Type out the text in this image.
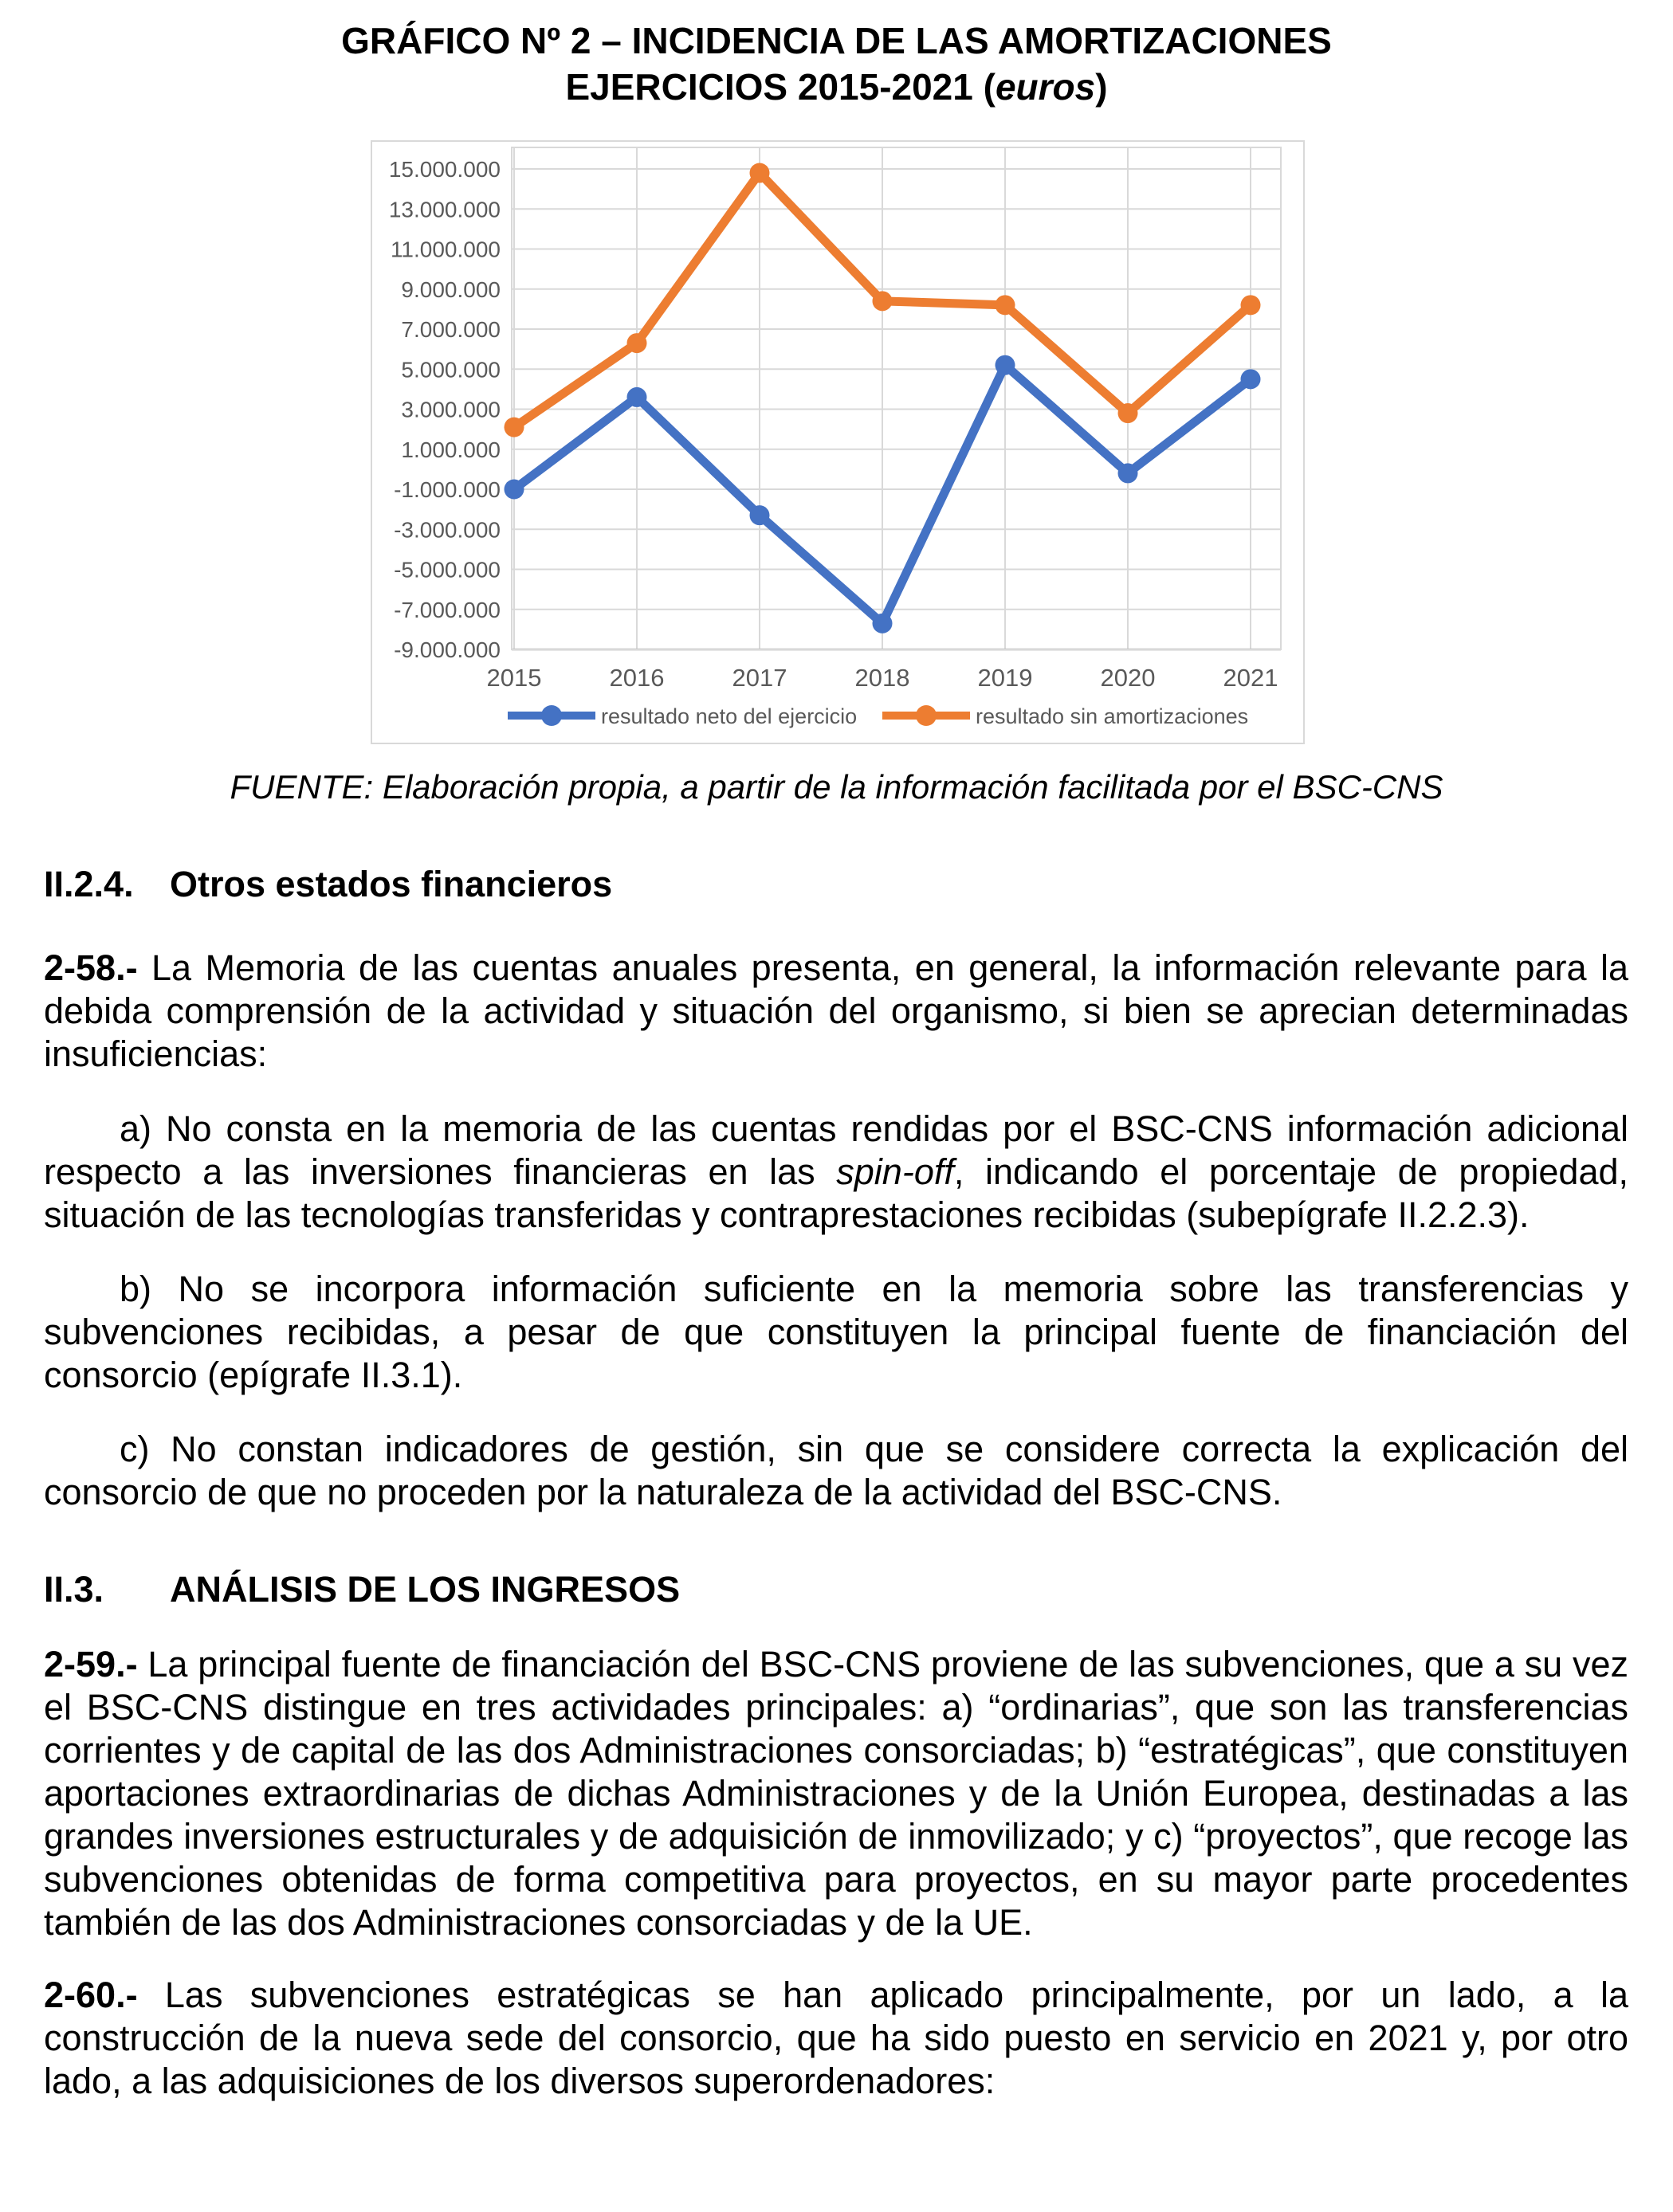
GRÁFICO Nº 2 – INCIDENCIA DE LAS AMORTIZACIONES
EJERCICIOS 2015-2021 (euros)
15.000.000
13.000.000
11.000.000
9.000.000
7.000.000
5.000.000
3.000.000
1.000.000
-1.000.000
-3.000.000
-5.000.000
-7.000.000
-9.000.000
2015	2016	2017	2018	2019	2020	2021
resultado neto del ejercicio	resultado sin amortizaciones
FUENTE: Elaboración propia, a partir de la información facilitada por el BSC-CNS
II.2.4. Otros estados financieros
2-58.- La Memoria de las cuentas anuales presenta, en general, la información relevante para la debida comprensión de la actividad y situación del organismo, si bien se aprecian determinadas insuficiencias:
a) No consta en la memoria de las cuentas rendidas por el BSC-CNS información adicional respecto a las inversiones financieras en las spin-off, indicando el porcentaje de propiedad, situación de las tecnologías transferidas y contraprestaciones recibidas (subepígrafe II.2.2.3).
b) No se incorpora información suficiente en la memoria sobre las transferencias y subvenciones recibidas, a pesar de que constituyen la principal fuente de financiación del consorcio (epígrafe II.3.1).
c) No constan indicadores de gestión, sin que se considere correcta la explicación del consorcio de que no proceden por la naturaleza de la actividad del BSC-CNS.
II.3. ANÁLISIS DE LOS INGRESOS
2-59.- La principal fuente de financiación del BSC-CNS proviene de las subvenciones, que a su vez el BSC-CNS distingue en tres actividades principales: a) “ordinarias”, que son las transferencias corrientes y de capital de las dos Administraciones consorciadas; b) “estratégicas”, que constituyen aportaciones extraordinarias de dichas Administraciones y de la Unión Europea, destinadas a las grandes inversiones estructurales y de adquisición de inmovilizado; y c) “proyectos”, que recoge las subvenciones obtenidas de forma competitiva para proyectos, en su mayor parte procedentes también de las dos Administraciones consorciadas y de la UE.
2-60.- Las subvenciones estratégicas se han aplicado principalmente, por un lado, a la construcción de la nueva sede del consorcio, que ha sido puesto en servicio en 2021 y, por otro lado, a las adquisiciones de los diversos superordenadores:
